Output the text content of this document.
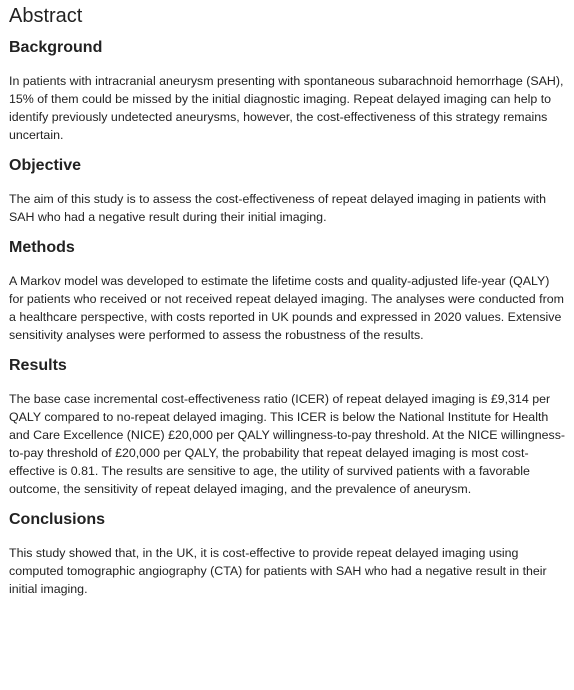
Abstract
Background

In patients with intracranial aneurysm presenting with spontaneous subarachnoid hemorrhage (SAH), 15% of them could be missed by the initial diagnostic imaging. Repeat delayed imaging can help to identify previously undetected aneurysms, however, the cost-effectiveness of this strategy remains uncertain.

Objective

The aim of this study is to assess the cost-effectiveness of repeat delayed imaging in patients with SAH who had a negative result during their initial imaging.

Methods

A Markov model was developed to estimate the lifetime costs and quality-adjusted life-year (QALY) for patients who received or not received repeat delayed imaging. The analyses were conducted from a healthcare perspective, with costs reported in UK pounds and expressed in 2020 values. Extensive sensitivity analyses were performed to assess the robustness of the results.

Results

The base case incremental cost-effectiveness ratio (ICER) of repeat delayed imaging is £9,314 per QALY compared to no-repeat delayed imaging. This ICER is below the National Institute for Health and Care Excellence (NICE) £20,000 per QALY willingness-to-pay threshold. At the NICE willingness-to-pay threshold of £20,000 per QALY, the probability that repeat delayed imaging is most cost-effective is 0.81. The results are sensitive to age, the utility of survived patients with a favorable outcome, the sensitivity of repeat delayed imaging, and the prevalence of aneurysm.

Conclusions

This study showed that, in the UK, it is cost-effective to provide repeat delayed imaging using computed tomographic angiography (CTA) for patients with SAH who had a negative result in their initial imaging.
